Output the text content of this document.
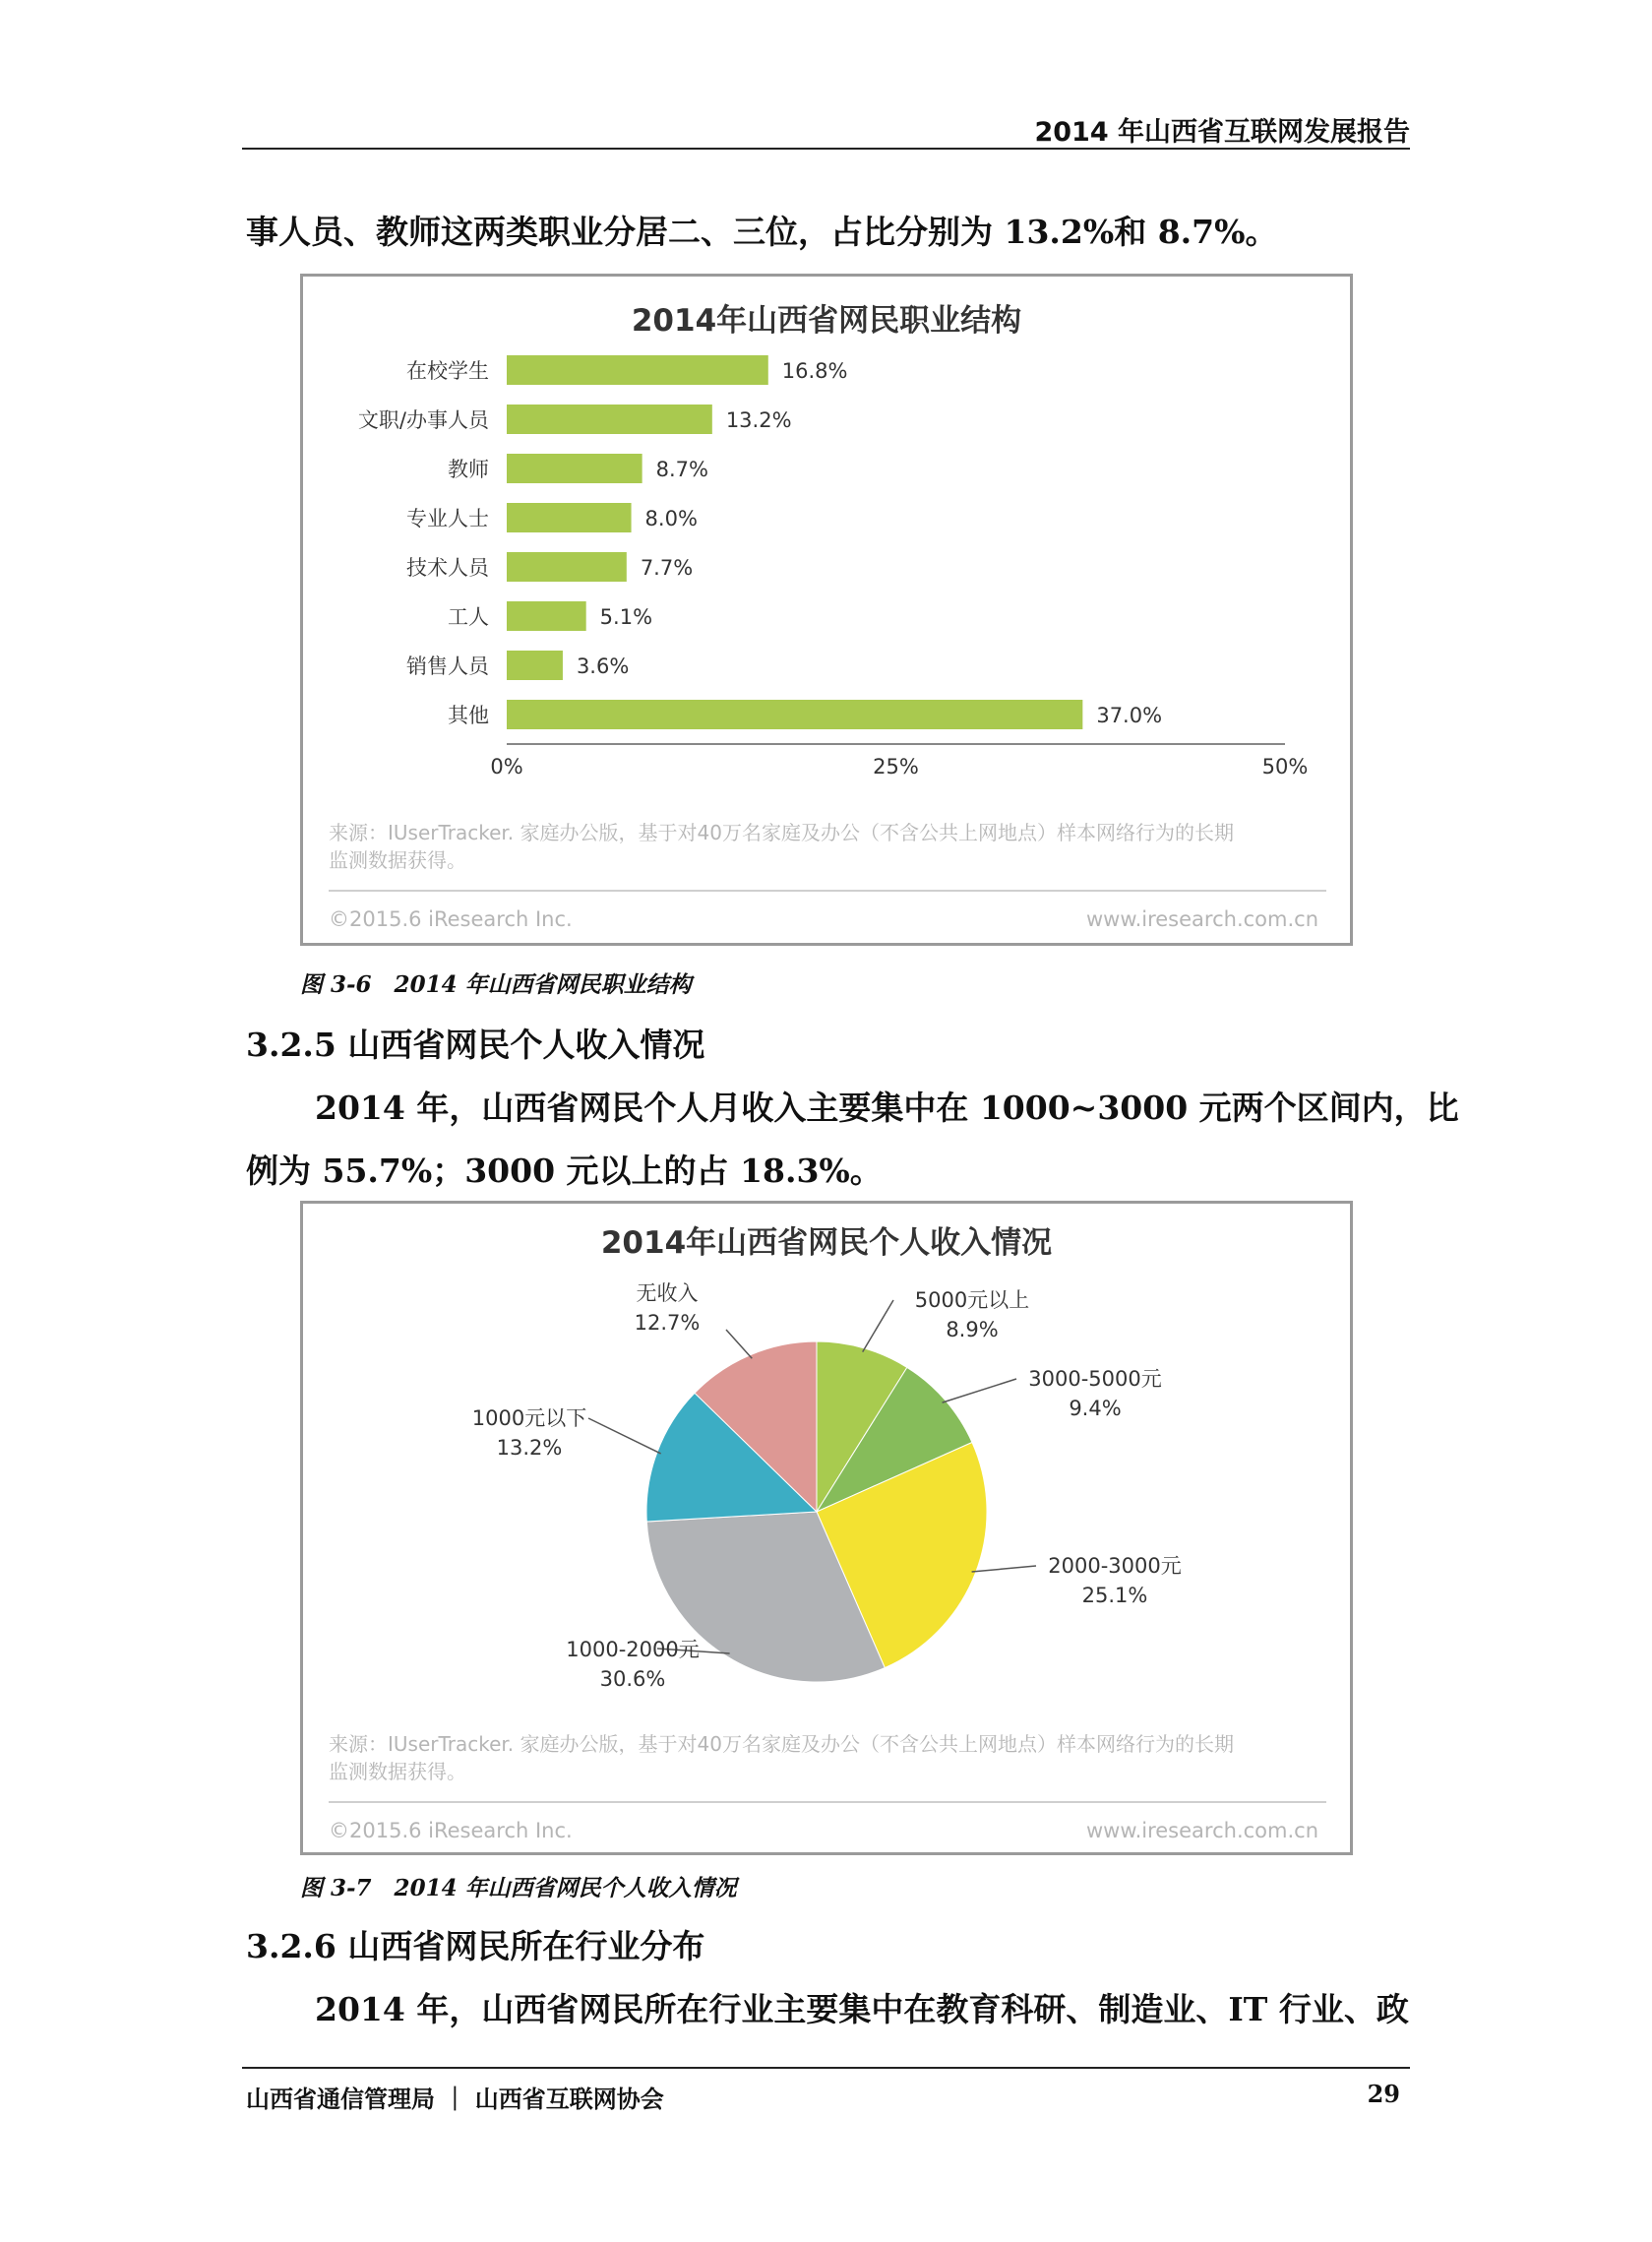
2014 年山西省互联网发展报告
事人员、教师这两类职业分居二、三位，占比分别为 13.2%和 8.7%。
2014年山西省网民职业结构
在校学生	16.8%
文职/办事人员	13.2%
教师	8.7%
专业人士	8.0%
技术人员	7.7%
工人	5.1%
销售人员	3.6%
其他	37.0%
0%	25%	50%
来源：IUserTracker. 家庭办公版，基于对40万名家庭及办公（不含公共上网地点）样本网络行为的长期
监测数据获得。
©2015.6 iResearch Inc.	www.iresearch.com.cn
图 3-6　2014 年山西省网民职业结构
3.2.5 山西省网民个人收入情况
2014 年，山西省网民个人月收入主要集中在 1000~3000 元两个区间内，比
例为 55.7%；3000 元以上的占 18.3%。
2014年山西省网民个人收入情况
5000元以上
8.9%
3000-5000元
9.4%
2000-3000元
25.1%
1000-2000元
30.6%
1000元以下
13.2%
无收入
12.7%
来源：IUserTracker. 家庭办公版，基于对40万名家庭及办公（不含公共上网地点）样本网络行为的长期
监测数据获得。
©2015.6 iResearch Inc.	www.iresearch.com.cn
图 3-7　2014 年山西省网民个人收入情况
3.2.6 山西省网民所在行业分布
2014 年，山西省网民所在行业主要集中在教育科研、制造业、IT 行业、政
山西省通信管理局 ｜ 山西省互联网协会	29
